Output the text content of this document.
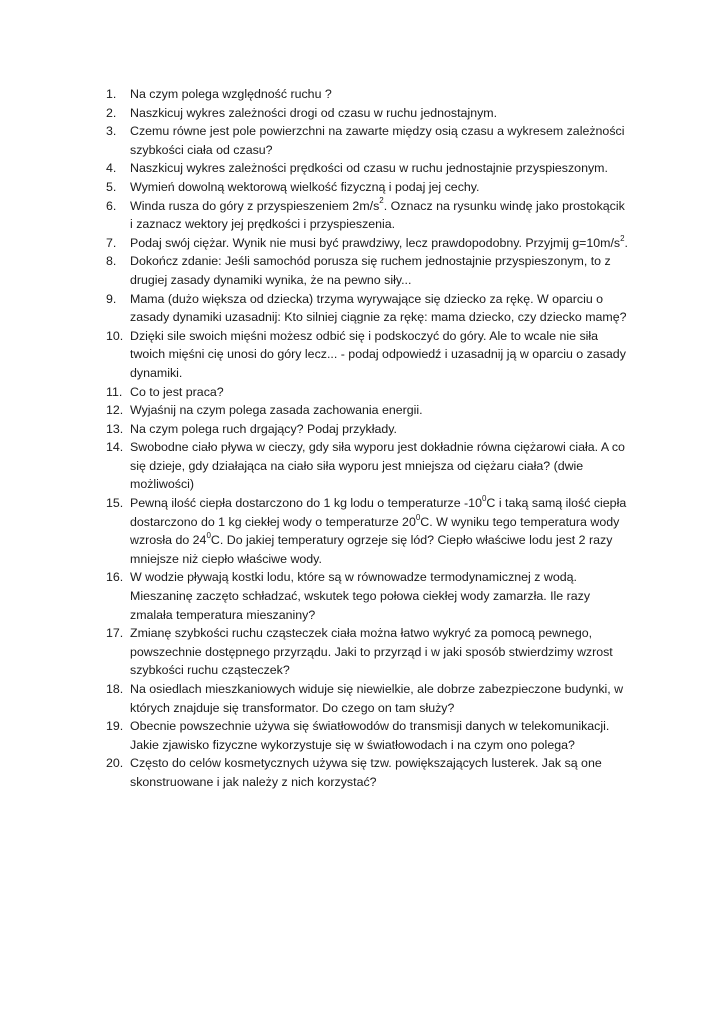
1.	Na czym polega względność ruchu ?
2.	Naszkicuj wykres zależności drogi od czasu w ruchu jednostajnym.
3.	Czemu równe jest pole powierzchni na zawarte między osią czasu a wykresem zależności szybkości ciała od czasu?
4.	Naszkicuj wykres zależności prędkości od czasu w ruchu jednostajnie przyspieszonym.
5.	Wymień dowolną wektorową wielkość fizyczną i podaj jej cechy.
6.	Winda rusza do góry z przyspieszeniem $2m/s^2$. Oznacz na rysunku windę jako prostokącik i zaznacz wektory jej prędkości i przyspieszenia.
7.	Podaj swój ciężar. Wynik nie musi być prawdziwy, lecz prawdopodobny. Przyjmij $g=10m/s^2$.
8.	Dokończ zdanie: Jeśli samochód porusza się ruchem jednostajnie przyspieszonym, to z drugiej zasady dynamiki wynika, że na pewno siły...
9.	Mama (dużo większa od dziecka) trzyma wyrywające się dziecko za rękę. W oparciu o zasady dynamiki uzasadnij: Kto silniej ciągnie za rękę: mama dziecko, czy dziecko mamę?
10. Dzięki sile swoich mięśni możesz odbić się i podskoczyć do góry. Ale to wcale nie siła twoich mięśni cię unosi do góry lecz... - podaj odpowiedź i uzasadnij ją w oparciu o zasady dynamiki.
11. Co to jest praca?
12. Wyjaśnij na czym polega zasada zachowania energii.
13. Na czym polega ruch drgający? Podaj przykłady.
14. Swobodne ciało pływa w cieczy, gdy siła wyporu jest dokładnie równa ciężarowi ciała. A co się dzieje, gdy działająca na ciało siła wyporu jest mniejsza od ciężaru ciała? (dwie możliwości)
15. Pewną ilość ciepła dostarczono do 1 kg lodu o temperaturze $-10^0C$ i taką samą ilość ciepła dostarczono do 1 kg ciekłej wody o temperaturze $20^0C$. W wyniku tego temperatura wody wzrosła do $24^0C$. Do jakiej temperatury ogrzeje się lód? Ciepło właściwe lodu jest 2 razy mniejsze niż ciepło właściwe wody.
16. W wodzie pływają kostki lodu, które są w równowadze termodynamicznej z wodą. Mieszaninę zaczęto schładzać, wskutek tego połowa ciekłej wody zamarzła. Ile razy zmalała temperatura mieszaniny?
17. Zmianę szybkości ruchu cząsteczek ciała można łatwo wykryć za pomocą pewnego, powszechnie dostępnego przyrządu. Jaki to przyrząd i w jaki sposób stwierdzimy wzrost szybkości ruchu cząsteczek?
18. Na osiedlach mieszkaniowych widuje się niewielkie, ale dobrze zabezpieczone budynki, w których znajduje się transformator. Do czego on tam służy?
19. Obecnie powszechnie używa się światłowodów do transmisji danych w telekomunikacji. Jakie zjawisko fizyczne wykorzystuje się w światłowodach i na czym ono polega?
20. Często do celów kosmetycznych używa się tzw. powiększających lusterek. Jak są one skonstruowane i jak należy z nich korzystać?
